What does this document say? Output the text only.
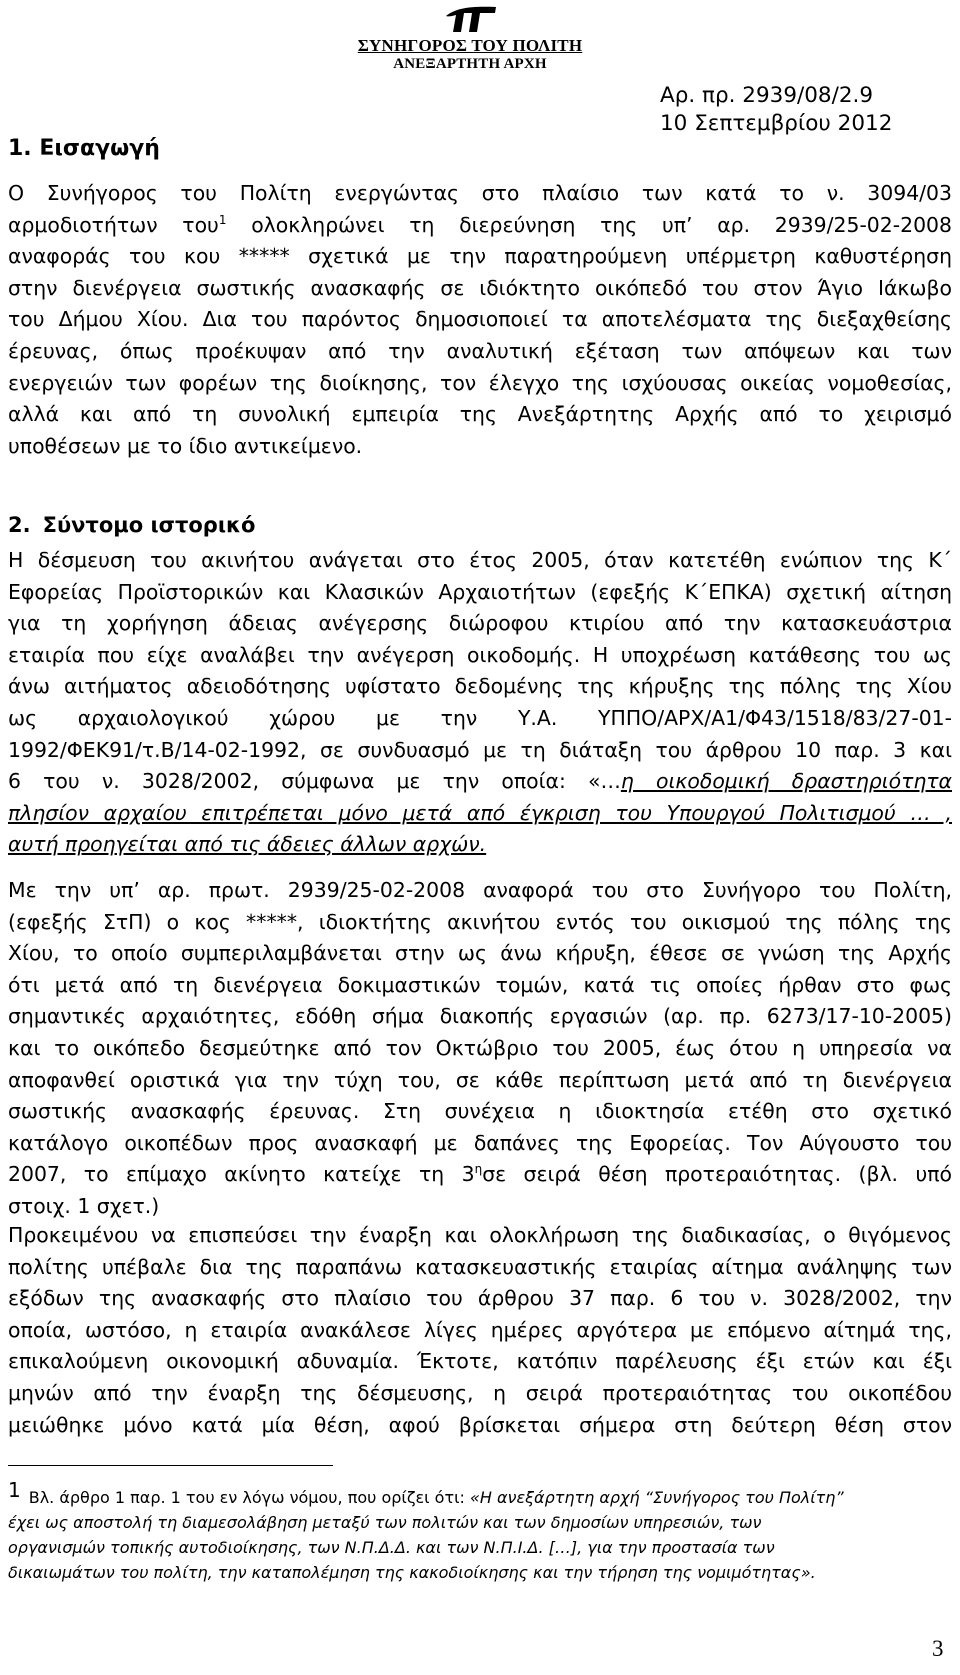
ΣΥΝΗΓΟΡΟΣ ΤΟΥ ΠΟΛΙΤΗ
ΑΝΕΞΑΡΤΗΤΗ ΑΡΧΗ
Αρ. πρ. 2939/08/2.9
10 Σεπτεμβρίου 2012
1. Εισαγωγή
Ο Συνήγορος του Πολίτη ενεργώντας στο πλαίσιο των κατά το ν. 3094/03
αρμοδιοτήτων του$^1$ ολοκληρώνει τη διερεύνηση της υπ’ αρ. 2939/25-02-2008
αναφοράς του κου ***** σχετικά με την παρατηρούμενη υπέρμετρη καθυστέρηση
στην διενέργεια σωστικής ανασκαφής σε ιδιόκτητο οικόπεδό του στον Άγιο Ιάκωβο
του Δήμου Χίου. Δια του παρόντος δημοσιοποιεί τα αποτελέσματα της διεξαχθείσης
έρευνας, όπως προέκυψαν από την αναλυτική εξέταση των απόψεων και των
ενεργειών των φορέων της διοίκησης, τον έλεγχο της ισχύουσας οικείας νομοθεσίας,
αλλά και από τη συνολική εμπειρία της Ανεξάρτητης Αρχής από το χειρισμό
υποθέσεων με το ίδιο αντικείμενο.
2. Σύντομο ιστορικό
Η δέσμευση του ακινήτου ανάγεται στο έτος 2005, όταν κατετέθη ενώπιον της Κ΄
Εφορείας Προϊστορικών και Κλασικών Αρχαιοτήτων (εφεξής Κ΄ΕΠΚΑ) σχετική αίτηση
για τη χορήγηση άδειας ανέγερσης διώροφου κτιρίου από την κατασκευάστρια
εταιρία που είχε αναλάβει την ανέγερση οικοδομής. Η υποχρέωση κατάθεσης του ως
άνω αιτήματος αδειοδότησης υφίστατο δεδομένης της κήρυξης της πόλης της Χίου
ως αρχαιολογικού χώρου με την Υ.Α. ΥΠΠΟ/ΑΡΧ/Α1/Φ43/1518/83/27-01-
1992/ΦΕΚ91/τ.Β/14-02-1992, σε συνδυασμό με τη διάταξη του άρθρου 10 παρ. 3 και
6 του ν. 3028/2002, σύμφωνα με την οποία: «…η οικοδομική δραστηριότητα
πλησίον αρχαίου επιτρέπεται μόνο μετά από έγκριση του Υπουργού Πολιτισμού … ,
αυτή προηγείται από τις άδειες άλλων αρχών.
Με την υπ’ αρ. πρωτ. 2939/25-02-2008 αναφορά του στο Συνήγορο του Πολίτη,
(εφεξής ΣτΠ) ο κος *****, ιδιοκτήτης ακινήτου εντός του οικισμού της πόλης της
Χίου, το οποίο συμπεριλαμβάνεται στην ως άνω κήρυξη, έθεσε σε γνώση της Αρχής
ότι μετά από τη διενέργεια δοκιμαστικών τομών, κατά τις οποίες ήρθαν στο φως
σημαντικές αρχαιότητες, εδόθη σήμα διακοπής εργασιών (αρ. πρ. 6273/17-10-2005)
και το οικόπεδο δεσμεύτηκε από τον Οκτώβριο του 2005, έως ότου η υπηρεσία να
αποφανθεί οριστικά για την τύχη του, σε κάθε περίπτωση μετά από τη διενέργεια
σωστικής ανασκαφής έρευνας. Στη συνέχεια η ιδιοκτησία ετέθη στο σχετικό
κατάλογο οικοπέδων προς ανασκαφή με δαπάνες της Εφορείας. Τον Αύγουστο του
2007, το επίμαχο ακίνητο κατείχε τη $3^\eta\sigma\varepsilon$ σειρά θέση προτεραιότητας. (βλ. υπό
στοιχ. 1 σχετ.)
Προκειμένου να επισπεύσει την έναρξη και ολοκλήρωση της διαδικασίας, ο θιγόμενος
πολίτης υπέβαλε δια της παραπάνω κατασκευαστικής εταιρίας αίτημα ανάληψης των
εξόδων της ανασκαφής στο πλαίσιο του άρθρου 37 παρ. 6 του ν. 3028/2002, την
οποία, ωστόσο, η εταιρία ανακάλεσε λίγες ημέρες αργότερα με επόμενο αίτημά της,
επικαλούμενη οικονομική αδυναμία. Έκτοτε, κατόπιν παρέλευσης έξι ετών και έξι
μηνών από την έναρξη της δέσμευσης, η σειρά προτεραιότητας του οικοπέδου
μειώθηκε μόνο κατά μία θέση, αφού βρίσκεται σήμερα στη δεύτερη θέση στον
1 Βλ. άρθρο 1 παρ. 1 του εν λόγω νόμου, που ορίζει ότι: «Η ανεξάρτητη αρχή “Συνήγορος του Πολίτη”
έχει ως αποστολή τη διαμεσολάβηση μεταξύ των πολιτών και των δημοσίων υπηρεσιών, των
οργανισμών τοπικής αυτοδιοίκησης, των Ν.Π.Δ.Δ. και των Ν.Π.Ι.Δ. […], για την προστασία των
δικαιωμάτων του πολίτη, την καταπολέμηση της κακοδιοίκησης και την τήρηση της νομιμότητας».
3
